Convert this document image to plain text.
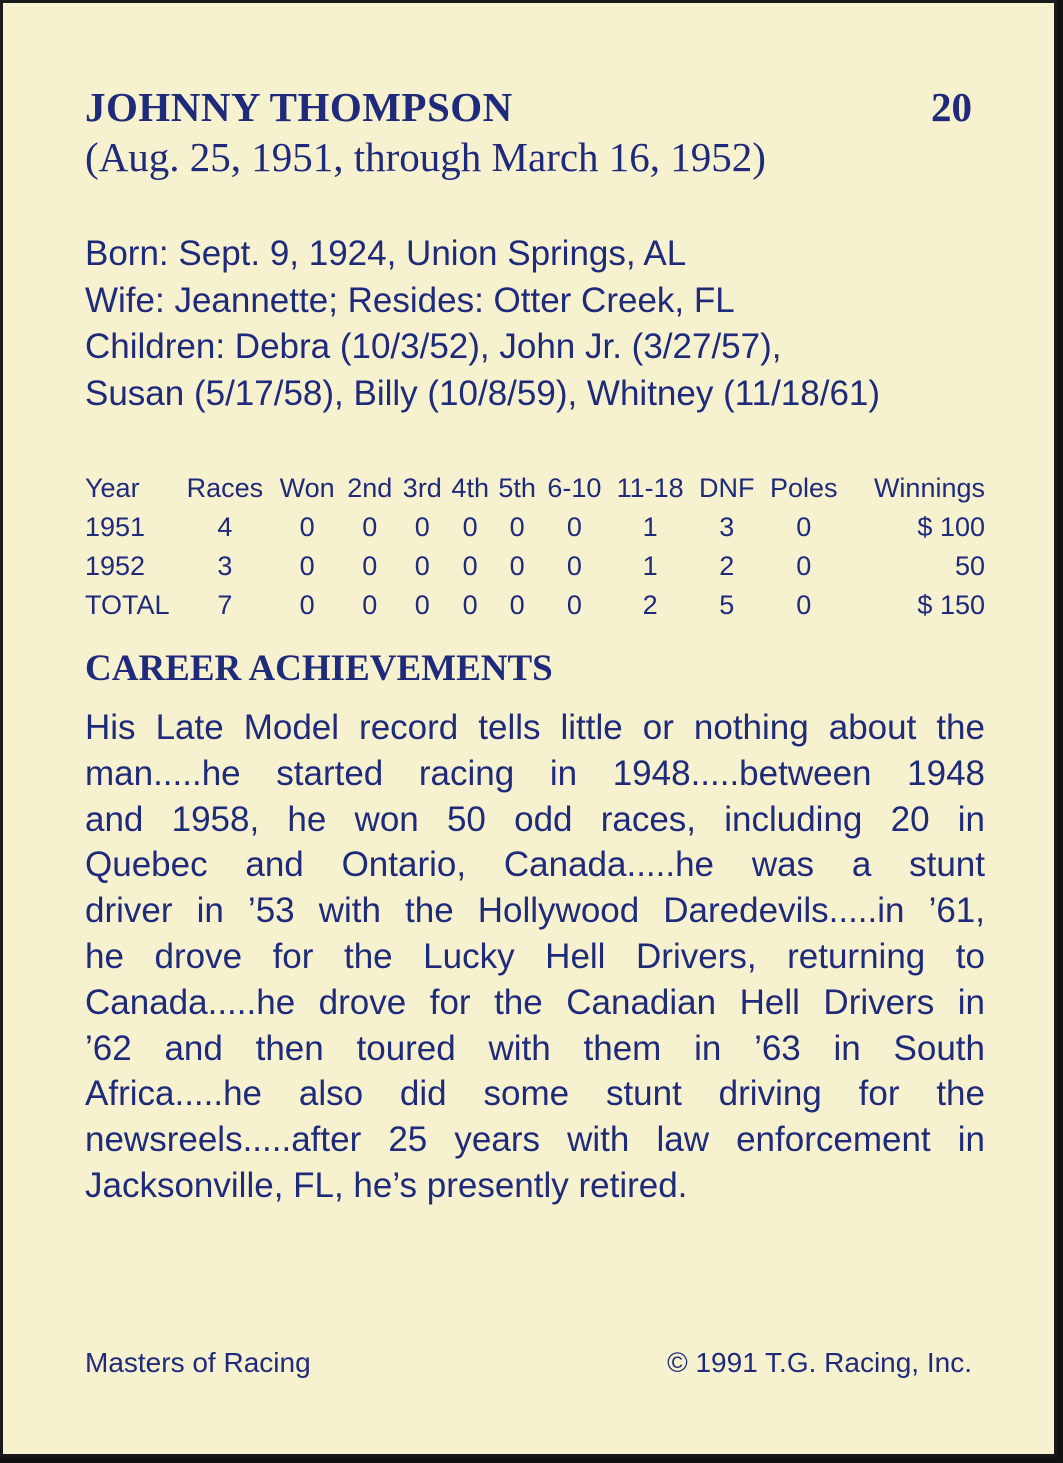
JOHNNY THOMPSON	20
(Aug. 25, 1951, through March 16, 1952)
Born: Sept. 9, 1924, Union Springs, AL
Wife: Jeannette; Resides: Otter Creek, FL
Children: Debra (10/3/52), John Jr. (3/27/57),
Susan (5/17/58), Billy (10/8/59), Whitney (11/18/61)
Year	Races	Won	2nd	3rd	4th	5th	6-10	11-18	DNF	Poles	Winnings
1951	4	0	0	0	0	0	0	1	3	0	$ 100
1952	3	0	0	0	0	0	0	1	2	0	50
TOTAL	7	0	0	0	0	0	0	2	5	0	$ 150
CAREER ACHIEVEMENTS
His Late Model record tells little or nothing about the
man.....he started racing in 1948.....between 1948
and 1958, he won 50 odd races, including 20 in
Quebec and Ontario, Canada.....he was a stunt
driver in ’53 with the Hollywood Daredevils.....in ’61,
he drove for the Lucky Hell Drivers, returning to
Canada.....he drove for the Canadian Hell Drivers in
’62 and then toured with them in ’63 in South
Africa.....he also did some stunt driving for the
newsreels.....after 25 years with law enforcement in
Jacksonville, FL, he’s presently retired.
Masters of Racing	© 1991 T.G. Racing, Inc.
